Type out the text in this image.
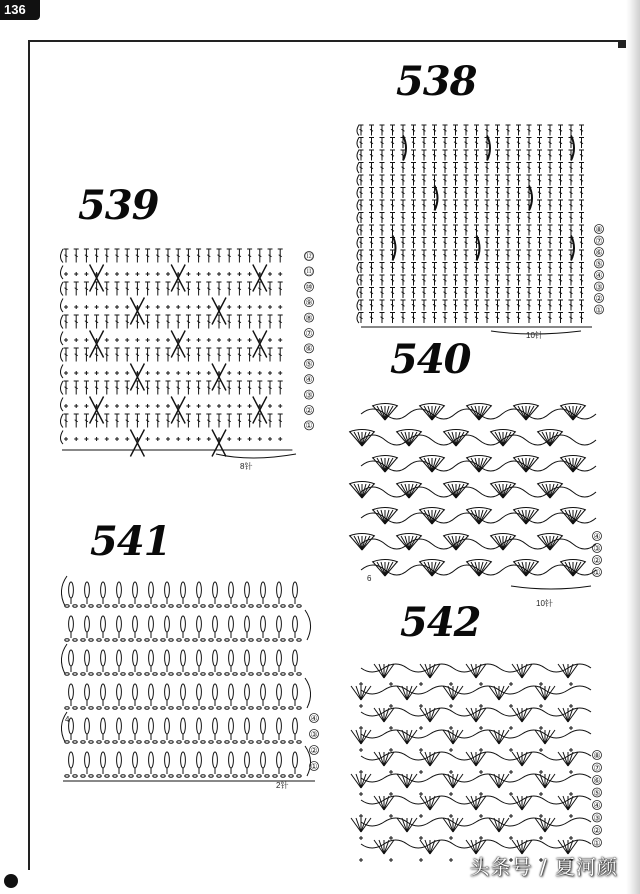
136
538
⑧
⑦
⑥
⑤
④
③
②
①
10针
539
⑫
⑪
⑩
⑨
⑧
⑦
⑥
⑤
④
③
②
①
8针
540
④
③
②
①
6
10针
541
④
③
②
①
4
2针
542
⑧
⑦
⑥
⑤
④
③
②
①
头条号 / 夏河颜
